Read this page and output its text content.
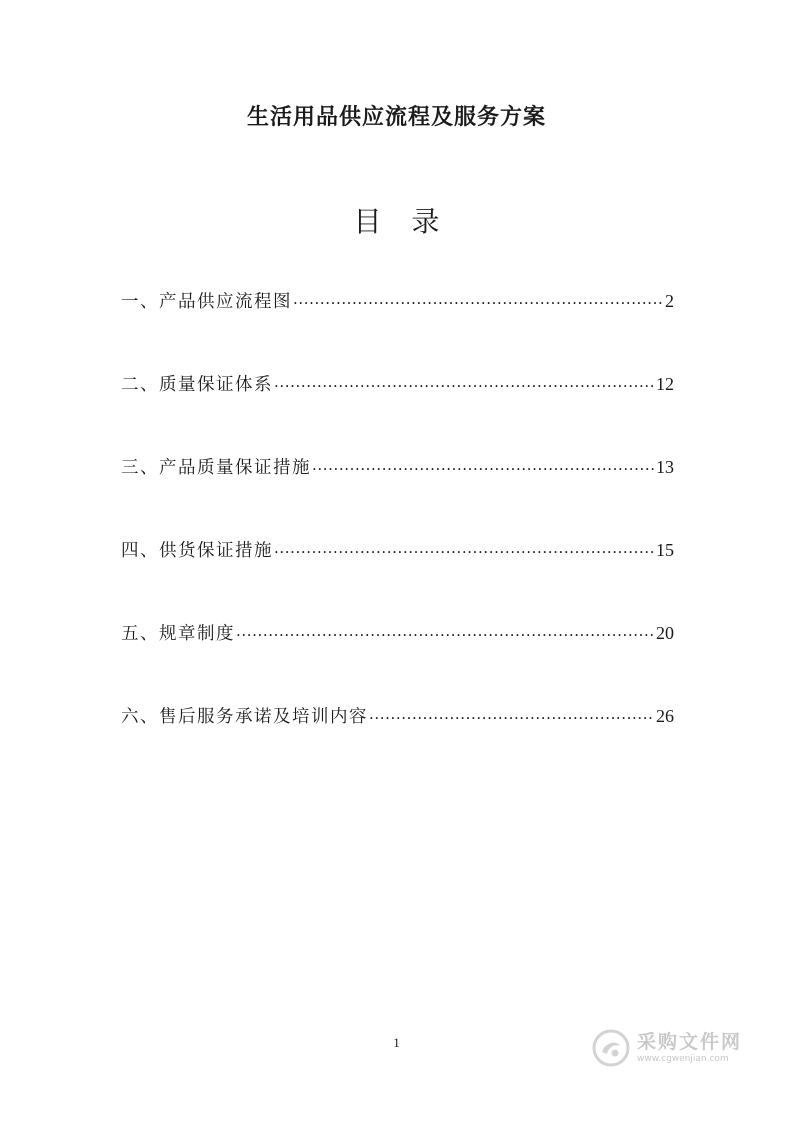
生活用品供应流程及服务方案
目录
一、产品供应流程图 .....	2
二、质量保证体系 .....	12
三、产品质量保证措施 .....	13
四、供货保证措施 .....	15
五、规章制度 .....	20
六、售后服务承诺及培训内容 .....	26
1	采购文件网
www.cgwenjian.com
